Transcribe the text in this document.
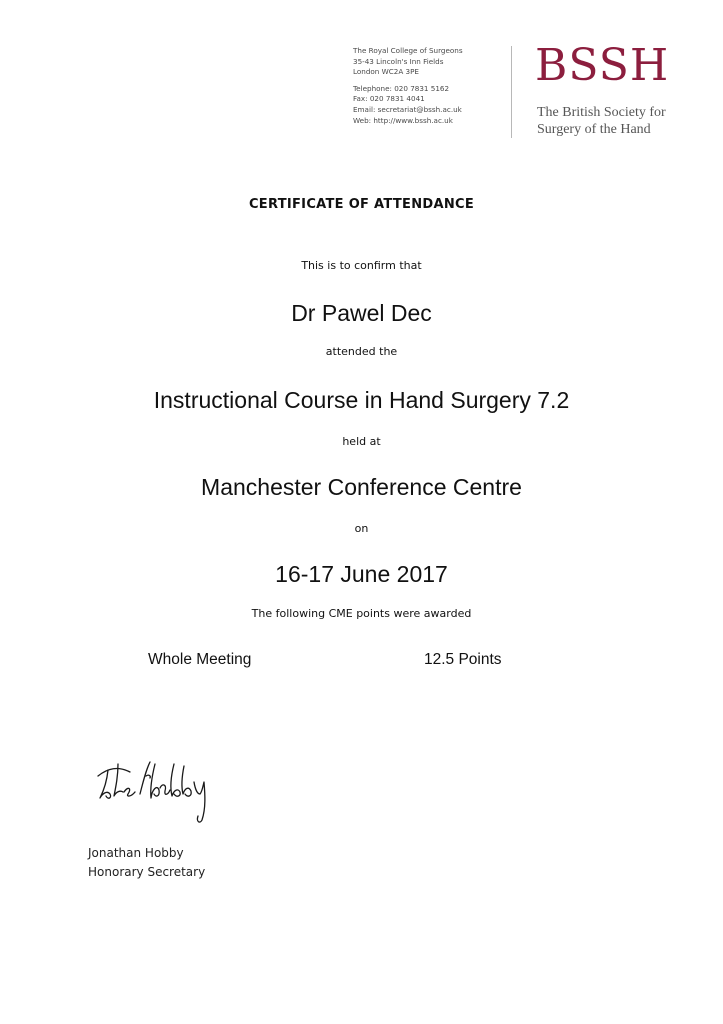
The Royal College of Surgeons
35-43 Lincoln's Inn Fields
London WC2A 3PE
Telephone: 020 7831 5162
Fax: 020 7831 4041
Email: secretariat@bssh.ac.uk
Web: http://www.bssh.ac.uk
BSSH
The British Society for
Surgery of the Hand
CERTIFICATE OF ATTENDANCE
This is to confirm that
Dr Pawel Dec
attended the
Instructional Course in Hand Surgery 7.2
held at
Manchester Conference Centre
on
16-17 June 2017
The following CME points were awarded
Whole Meeting	12.5 Points
Jonathan Hobby
Honorary Secretary
